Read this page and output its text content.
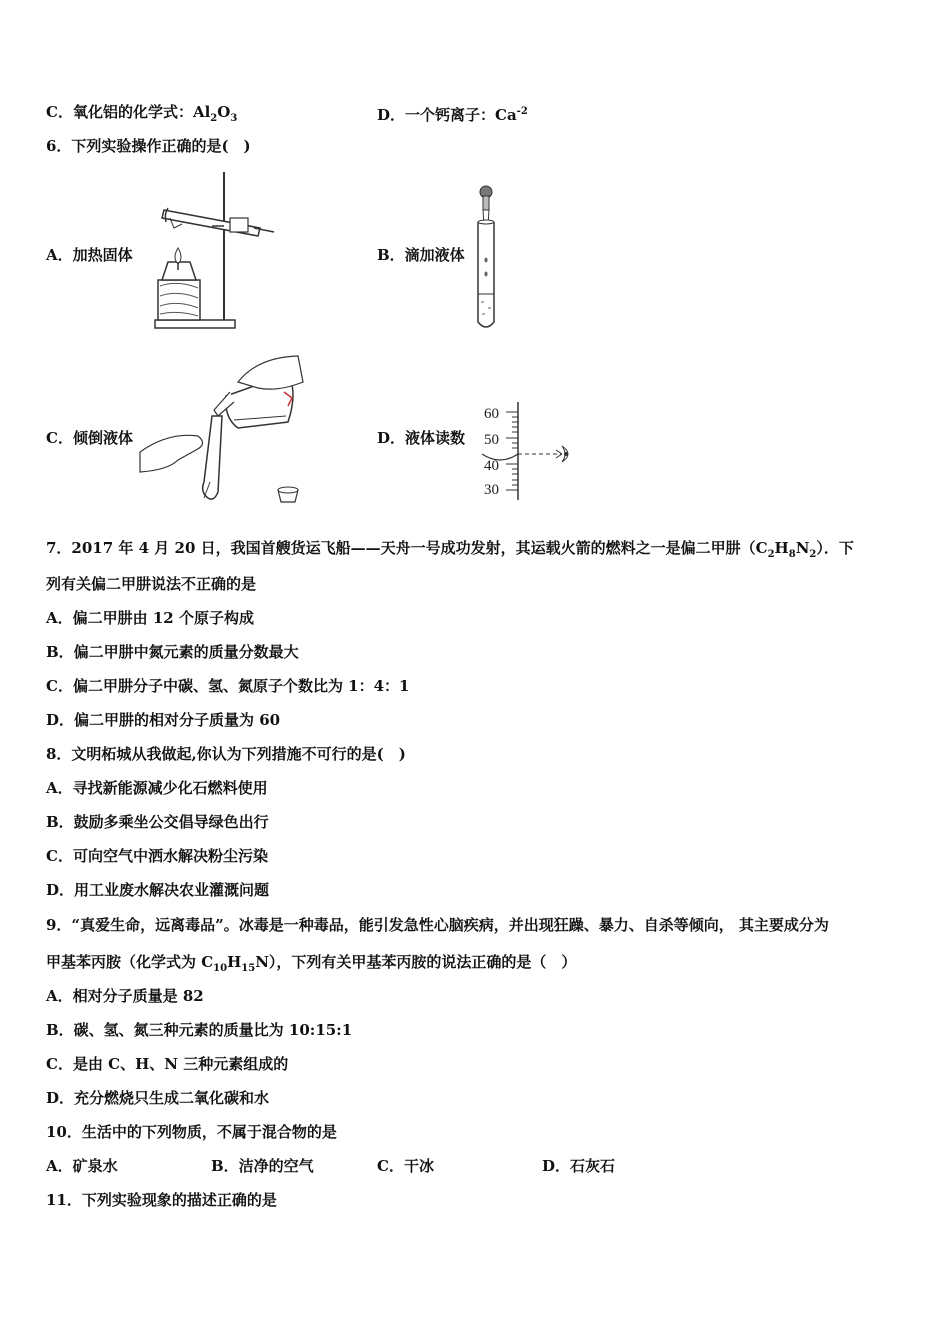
C．氧化铝的化学式：$Al_2O_3$	D．一个钙离子：$Ca^{-2}$
6．下列实验操作正确的是(　)
A．加热固体	B．滴加液体
C．倾倒液体	D．液体读数
60
50
40
30
7．2017 年 4 月 20 日，我国首艘货运飞船——天舟一号成功发射，其运载火箭的燃料之一是偏二甲肼$(C_2H_8N_2)$．下
列有关偏二甲肼说法不正确的是
A．偏二甲肼由 12 个原子构成
B．偏二甲肼中氮元素的质量分数最大
C．偏二甲肼分子中碳、氢、氮原子个数比为 1：4：1
D．偏二甲肼的相对分子质量为 60
8．文明柘城从我做起,你认为下列措施不可行的是(　)
A．寻找新能源减少化石燃料使用
B．鼓励多乘坐公交倡导绿色出行
C．可向空气中洒水解决粉尘污染
D．用工业废水解决农业灌溉问题
9．“真爱生命，远离毒品”。冰毒是一种毒品，能引发急性心脑疾病，并出现狂躁、暴力、自杀等倾向， 其主要成分为
甲基苯丙胺（化学式为 $C_{10}H_{15}N$），下列有关甲基苯丙胺的说法正确的是（　）
A．相对分子质量是 82
B．碳、氢、氮三种元素的质量比为 10:15:1
C．是由 C、H、N 三种元素组成的
D．充分燃烧只生成二氧化碳和水
10．生活中的下列物质，不属于混合物的是
A．矿泉水	B．洁净的空气	C．干冰	D．石灰石
11．下列实验现象的描述正确的是
